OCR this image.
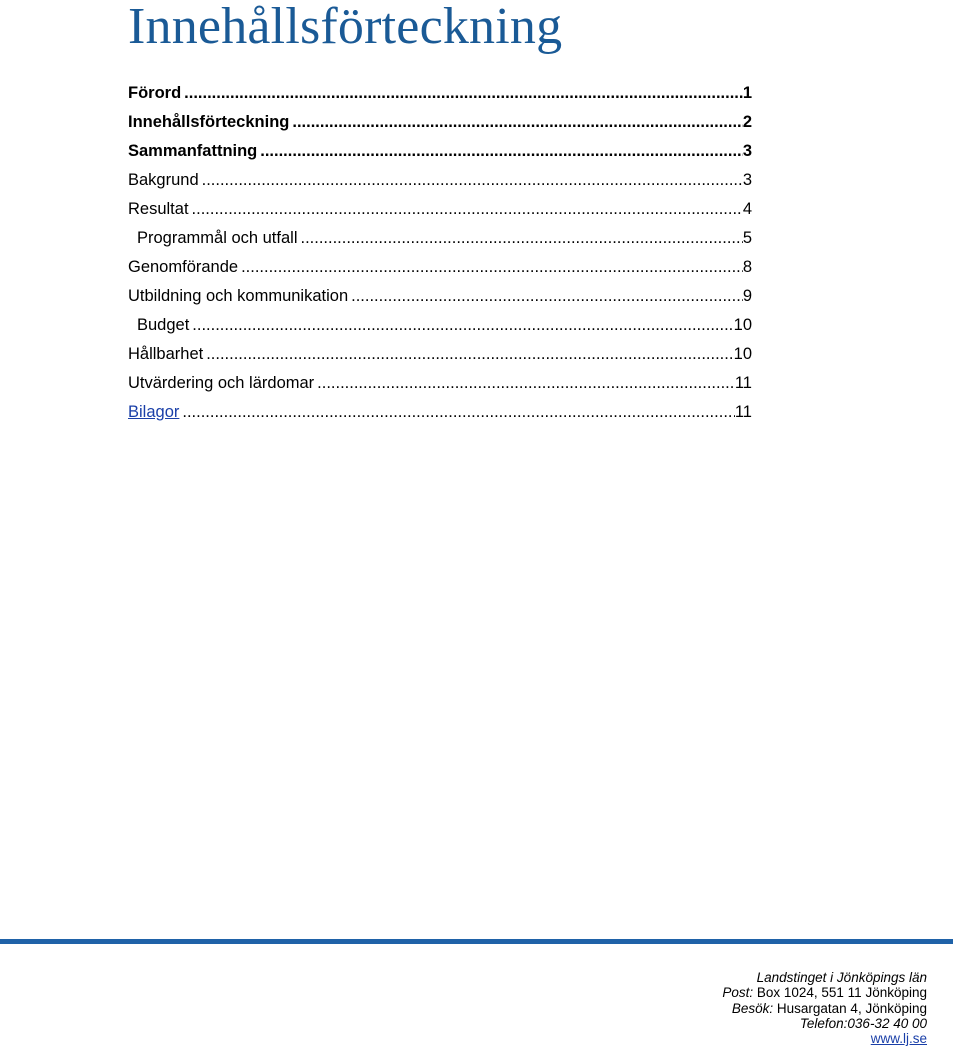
Innehållsförteckning
Förord .....	1
Innehållsförteckning .....	2
Sammanfattning .....	3
Bakgrund .....	3
Resultat .....	4
Programmål och utfall .....	5
Genomförande .....	8
Utbildning och kommunikation .....	9
Budget .....	10
Hållbarhet .....	10
Utvärdering och lärdomar .....	11
Bilagor .....	11
Landstinget i Jönköpings län
Post: Box 1024, 551 11 Jönköping
Besök: Husargatan 4, Jönköping
Telefon:036-32 40 00
www.lj.se
